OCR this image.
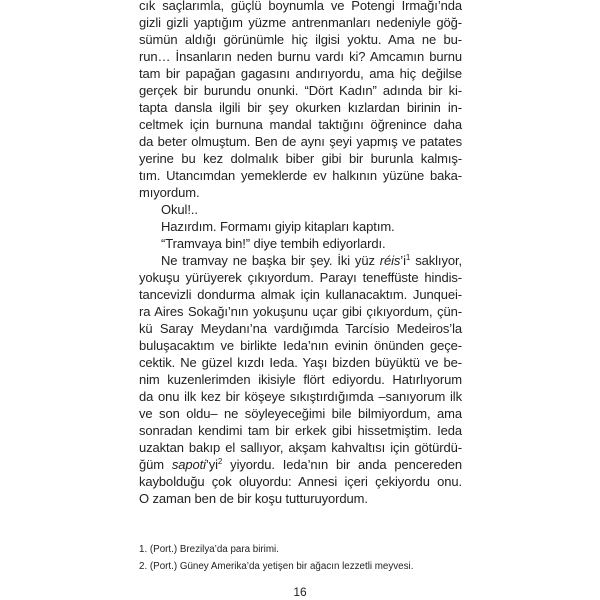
cık saçlarımla, güçlü boynumla ve Potengi Irmağı’nda
gizli gizli yaptığım yüzme antrenmanları nedeniyle göğ-
sümün aldığı görünümle hiç ilgisi yoktu. Ama ne bu-
run… İnsanların neden burnu vardı ki? Amcamın burnu
tam bir papağan gagasını andırıyordu, ama hiç değilse
gerçek bir burundu onunki. “Dört Kadın” adında bir ki-
tapta dansla ilgili bir şey okurken kızlardan birinin in-
celtmek için burnuna mandal taktığını öğrenince daha
da beter olmuştum. Ben de aynı şeyi yapmış ve patates
yerine bu kez dolmalık biber gibi bir burunla kalmış-
tım. Utancımdan yemeklerde ev halkının yüzüne baka-
mıyordum.
Okul!..
Hazırdım. Formamı giyip kitapları kaptım.
“Tramvaya bin!” diye tembih ediyorlardı.
Ne tramvay ne başka bir şey. İki yüz réis’i$^1$ saklıyor,
yokuşu yürüyerek çıkıyordum. Parayı teneffüste hindis-
tancevizli dondurma almak için kullanacaktım. Junquei-
ra Aires Sokağı’nın yokuşunu uçar gibi çıkıyordum, çün-
kü Saray Meydanı’na vardığımda Tarcísio Medeiros’la
buluşacaktım ve birlikte Ieda’nın evinin önünden geçe-
cektik. Ne güzel kızdı Ieda. Yaşı bizden büyüktü ve be-
nim kuzenlerimden ikisiyle flört ediyordu. Hatırlıyorum
da onu ilk kez bir köşeye sıkıştırdığımda –sanıyorum ilk
ve son oldu– ne söyleyeceğimi bile bilmiyordum, ama
sonradan kendimi tam bir erkek gibi hissetmiştim. Ieda
uzaktan bakıp el sallıyor, akşam kahvaltısı için götürdü-
ğüm sapoti’yi$^2$ yiyordu. Ieda’nın bir anda pencereden
kaybolduğu çok oluyordu: Annesi içeri çekiyordu onu.
O zaman ben de bir koşu tutturuyordum.
1. (Port.) Brezilya’da para birimi.
2. (Port.) Güney Amerika’da yetişen bir ağacın lezzetli meyvesi.
16
